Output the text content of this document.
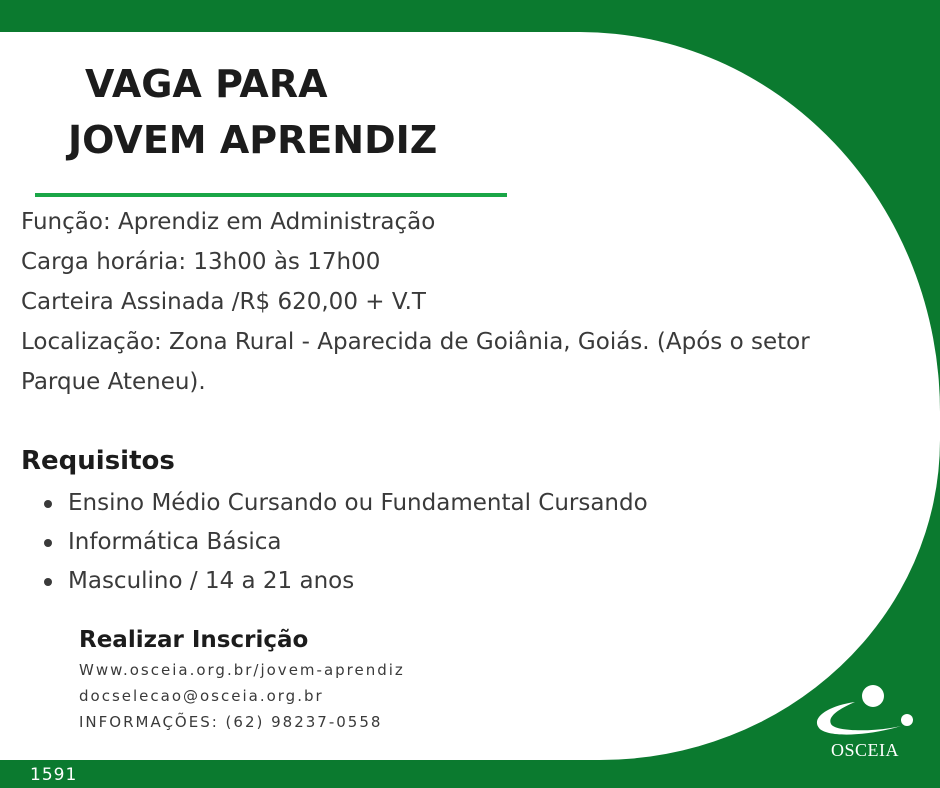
VAGA PARA
JOVEM APRENDIZ
Função: Aprendiz em Administração
Carga horária: 13h00 às 17h00
Carteira Assinada /R$ 620,00 + V.T
Localização: Zona Rural - Aparecida de Goiânia, Goiás. (Após o setor
Parque Ateneu).
Requisitos
Ensino Médio Cursando ou Fundamental Cursando
Informática Básica
Masculino / 14 a 21 anos
Realizar Inscrição
Www.osceia.org.br/jovem-aprendiz
docselecao@osceia.org.br
INFORMAÇÕES: (62) 98237-0558
1591
OSCEIA
